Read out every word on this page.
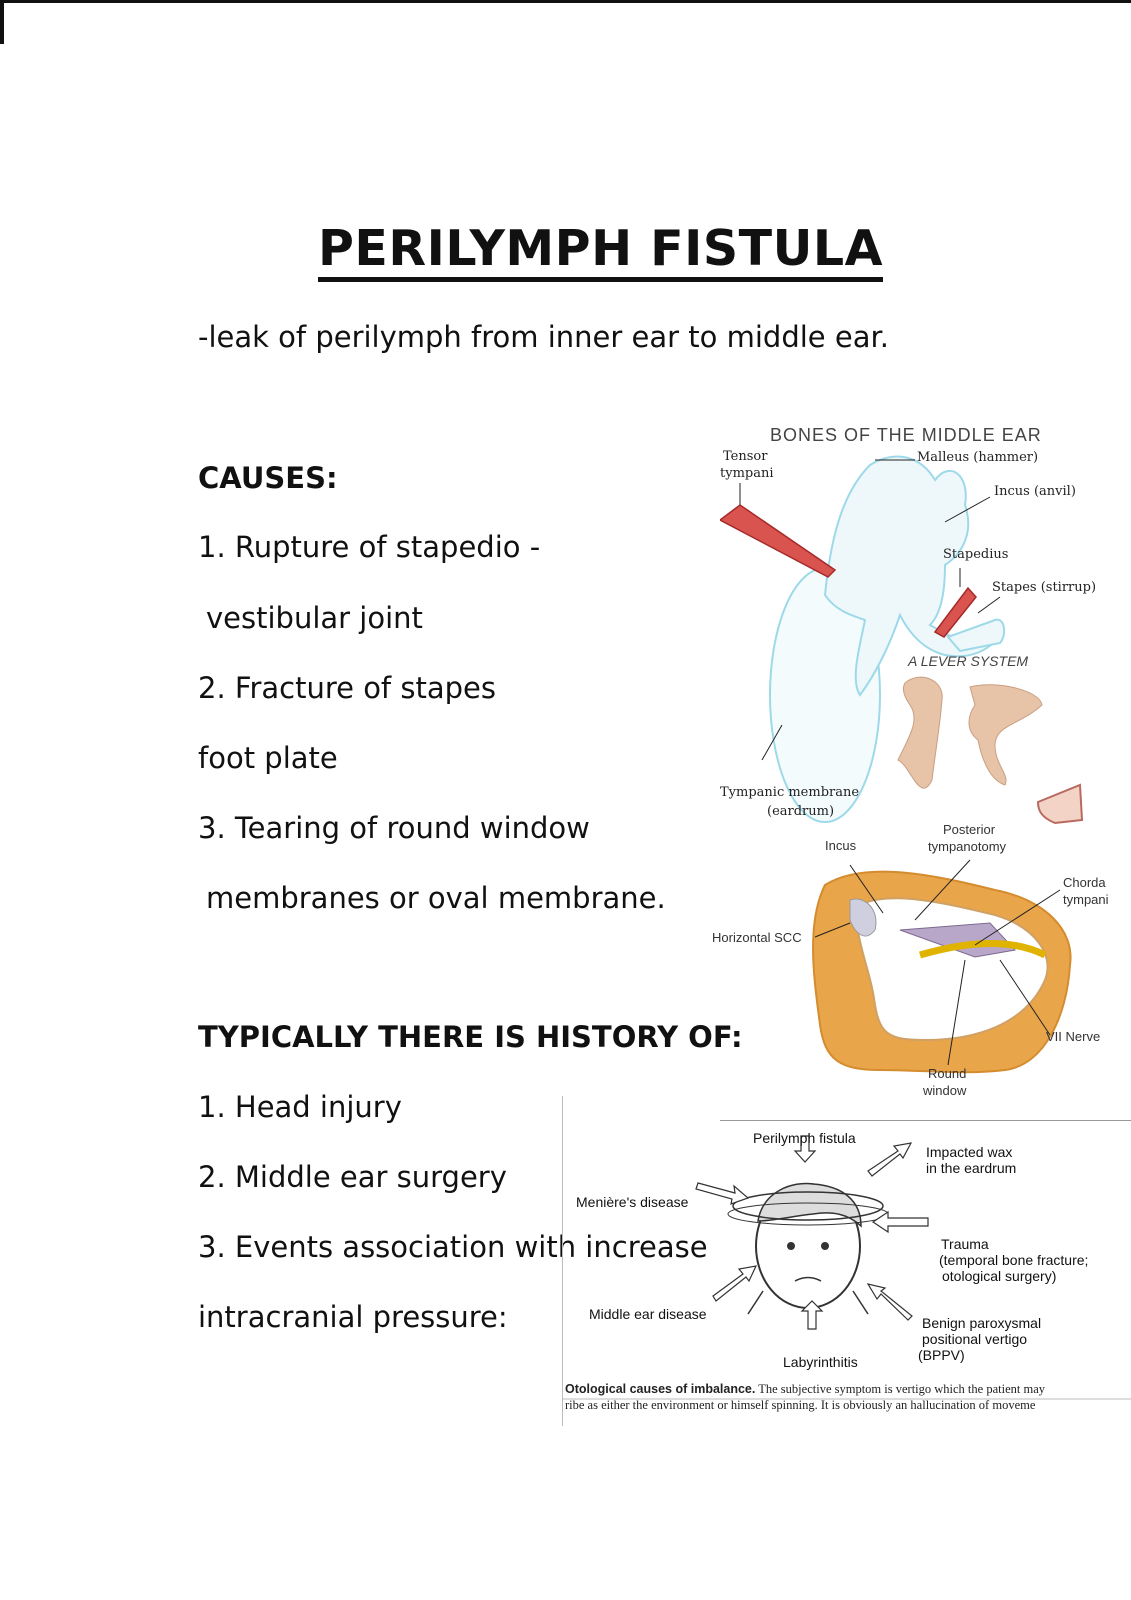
PERILYMPH FISTULA
-leak of perilymph from inner ear to middle ear.
CAUSES:
1. Rupture of stapedio -
vestibular joint
2. Fracture of stapes
foot plate
3. Tearing of round window
membranes or oval membrane.
TYPICALLY THERE IS HISTORY OF:
1. Head injury
2. Middle ear surgery
3. Events association with increase
intracranial pressure:
BONES OF THE MIDDLE EAR
Tensor
tympani
Malleus (hammer)
Incus (anvil)
Stapedius
Stapes (stirrup)
A LEVER SYSTEM
Tympanic membrane
(eardrum)
Incus
Posterior
tympanotomy
Horizontal SCC
Chorda
tympani
VII Nerve
Round
window
Perilymph fistula
Impacted wax
in the eardrum
Menière's disease
Trauma
(temporal bone fracture;
otological surgery)
Middle ear disease
Benign paroxysmal
positional vertigo
(BPPV)
Labyrinthitis
Otological causes of imbalance. The subjective symptom is vertigo which the patient may
ribe as either the environment or himself spinning. It is obviously an hallucination of moveme
